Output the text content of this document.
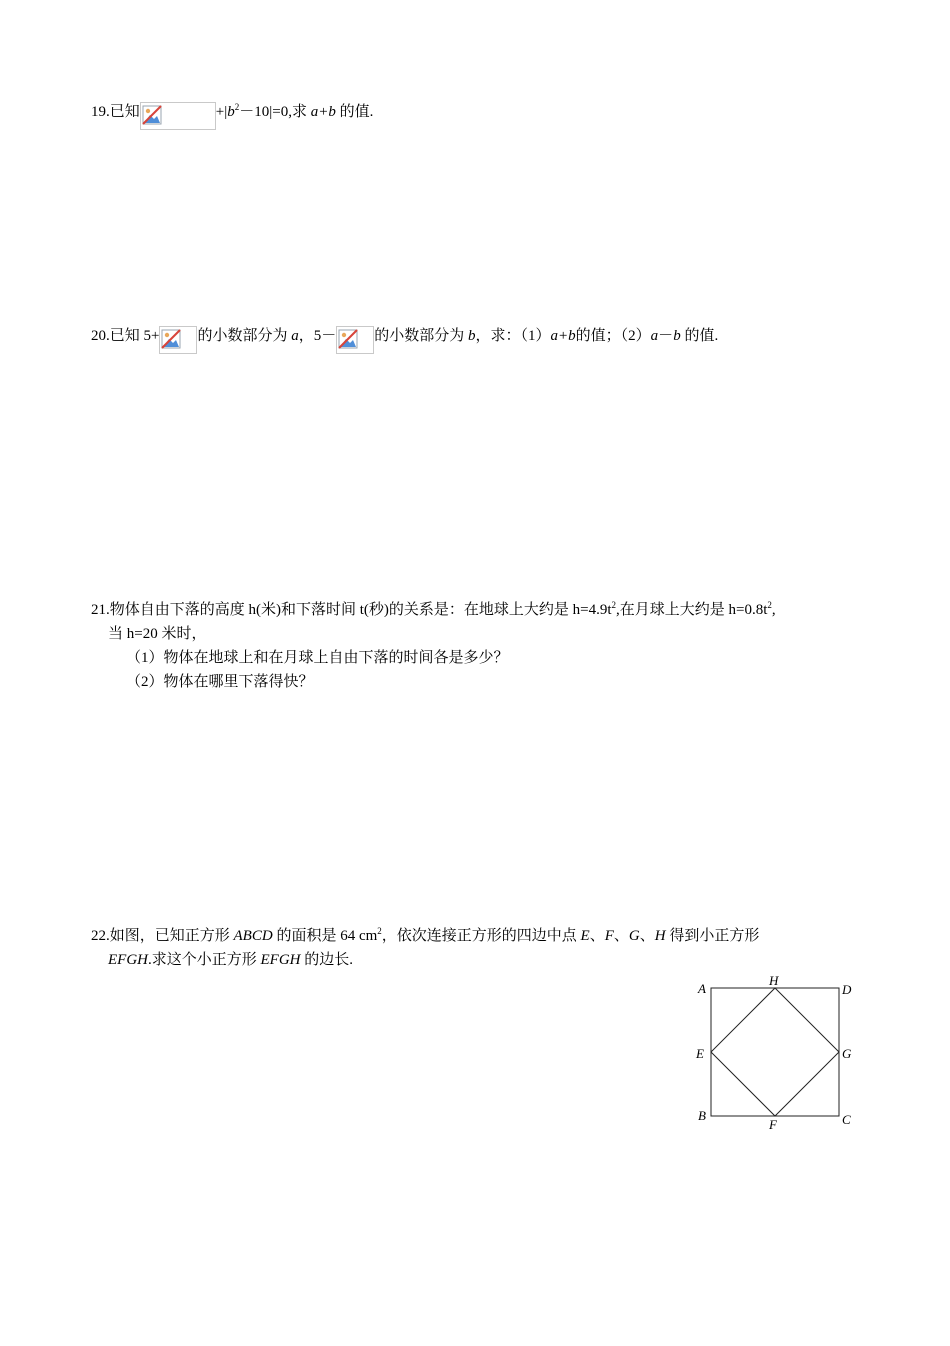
19.已知	$+|b^2-10|=0$,求 a+b 的值.
20.已知 5+	的小数部分为 a，5－	的小数部分为 b，求：（1）a+b的值；（2）a－b 的值.
21.物体自由下落的高度 h(米)和下落时间 t(秒)的关系是：在地球上大约是 $h=4.9t^2$,在月球上大约是 $h=0.8t^2$,
当 h=20 米时，
（1）物体在地球上和在月球上自由下落的时间各是多少？
（2）物体在哪里下落得快？
22.如图，已知正方形 ABCD 的面积是 64 $cm^2$，依次连接正方形的四边中点 E、F、G、H 得到小正方形
EFGH.求这个小正方形 EFGH 的边长.
A	D
H
E	G
B	C
F
